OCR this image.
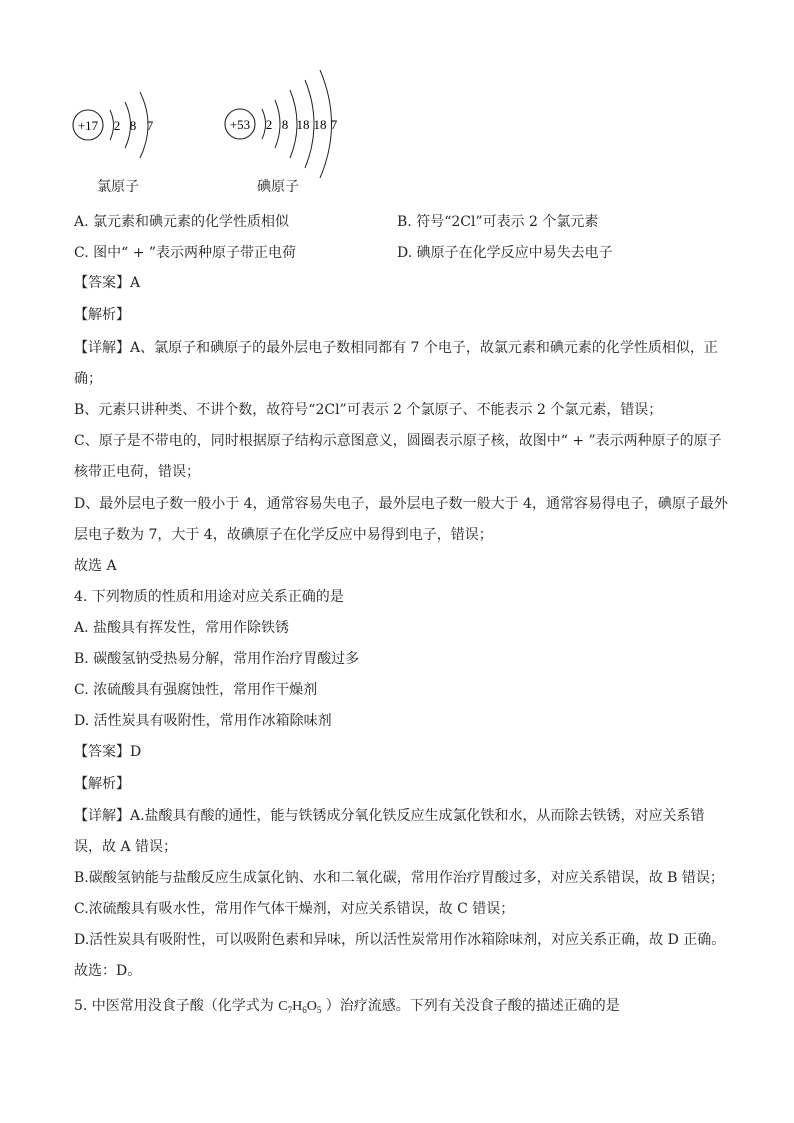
+17 2 8 7	+53 2 8 18 18 7
氯原子	碘原子
A. 氯元素和碘元素的化学性质相似	B. 符号“2Cl”可表示 2 个氯元素
C. 图中“ + ”表示两种原子带正电荷	D. 碘原子在化学反应中易失去电子
【答案】A
【解析】
【详解】A、氯原子和碘原子的最外层电子数相同都有 7 个电子，故氯元素和碘元素的化学性质相似，正
确；
B、元素只讲种类、不讲个数，故符号“2Cl”可表示 2 个氯原子、不能表示 2 个氯元素，错误；
C、原子是不带电的，同时根据原子结构示意图意义，圆圈表示原子核，故图中“ + ”表示两种原子的原子
核带正电荷，错误；
D、最外层电子数一般小于 4，通常容易失电子，最外层电子数一般大于 4，通常容易得电子，碘原子最外
层电子数为 7，大于 4，故碘原子在化学反应中易得到电子，错误；
故选 A
4. 下列物质的性质和用途对应关系正确的是
A. 盐酸具有挥发性，常用作除铁锈
B. 碳酸氢钠受热易分解，常用作治疗胃酸过多
C. 浓硫酸具有强腐蚀性，常用作干燥剂
D. 活性炭具有吸附性，常用作冰箱除味剂
【答案】D
【解析】
【详解】A.盐酸具有酸的通性，能与铁锈成分氧化铁反应生成氯化铁和水，从而除去铁锈，对应关系错
误，故 A 错误；
B.碳酸氢钠能与盐酸反应生成氯化钠、水和二氧化碳，常用作治疗胃酸过多，对应关系错误，故 B 错误；
C.浓硫酸具有吸水性，常用作气体干燥剂，对应关系错误，故 C 错误；
D.活性炭具有吸附性，可以吸附色素和异味，所以活性炭常用作冰箱除味剂，对应关系正确，故 D 正确。
故选：D。
5. 中医常用没食子酸（化学式为 $C_7H_6O_5$ ）治疗流感。下列有关没食子酸的描述正确的是
